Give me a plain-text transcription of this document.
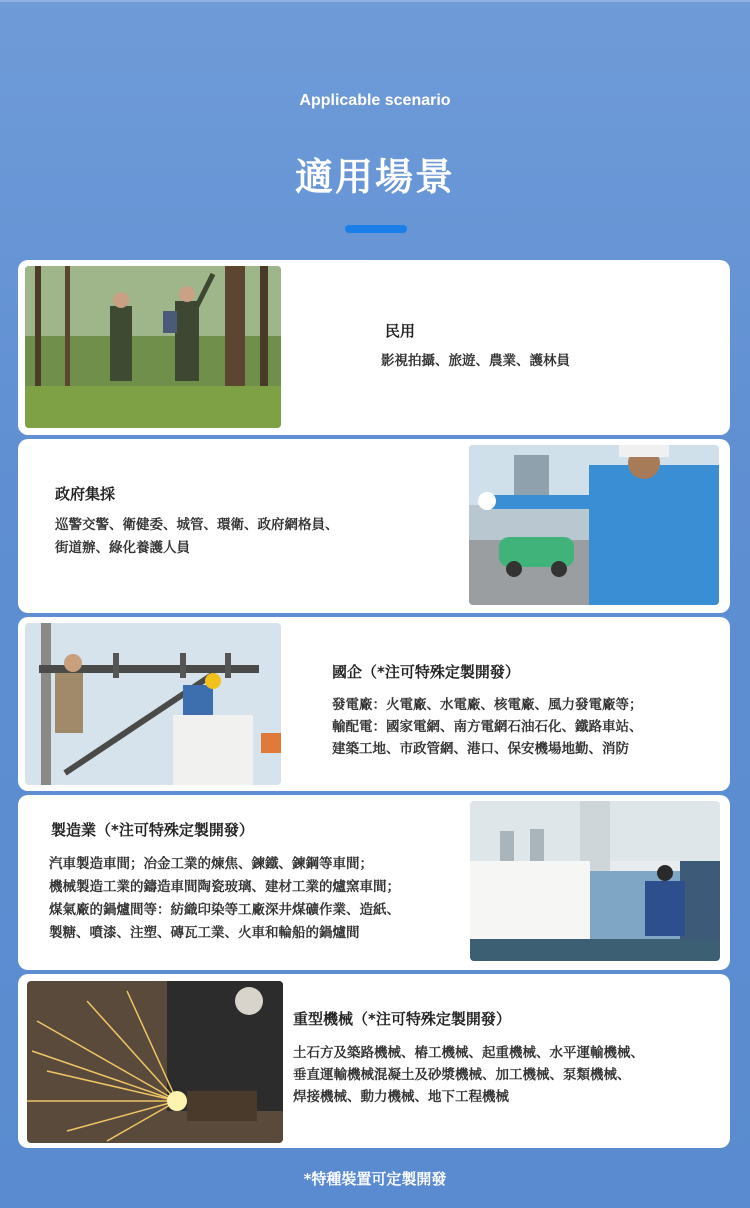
Applicable scenario
適用場景
民用

影視拍攝、旅遊、農業、護林員

政府集採

巡警交警、衛健委、城管、環衛、政府網格員、

街道辦、綠化養護人員

國企（*注可特殊定製開發）

發電廠：火電廠、水電廠、核電廠、風力發電廠等；

輸配電：國家電網、南方電網石油石化、鐵路車站、

建築工地、市政管網、港口、保安機場地勤、消防

製造業（*注可特殊定製開發）

汽車製造車間；冶金工業的煉焦、鍊鐵、鍊鋼等車間；

機械製造工業的鑄造車間陶瓷玻璃、建材工業的爐窯車間；

煤氣廠的鍋爐間等：紡織印染等工廠深井煤礦作業、造紙、

製糖、噴漆、注塑、磚瓦工業、火車和輪船的鍋爐間

重型機械（*注可特殊定製開發）

土石方及築路機械、樁工機械、起重機械、水平運輸機械、

垂直運輸機械混凝土及砂漿機械、加工機械、泵類機械、

焊接機械、動力機械、地下工程機械

*特種裝置可定製開發
